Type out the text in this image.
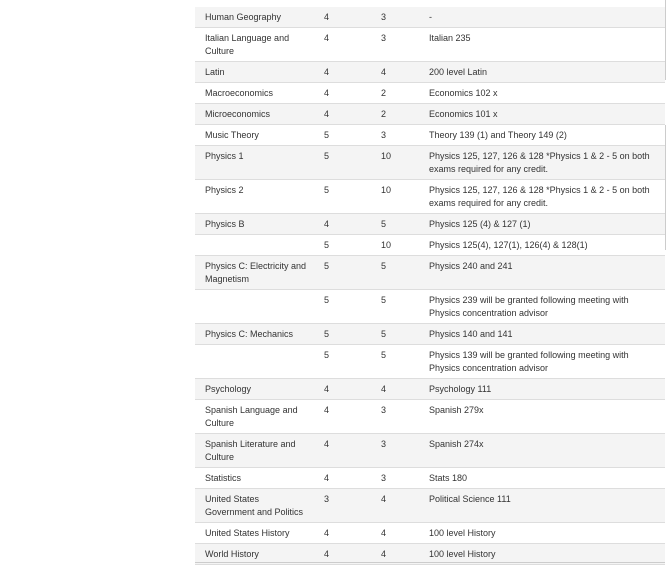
Human Geography	4	3	-
Italian Language and Culture	4	3	Italian 235
Latin	4	4	200 level Latin
Macroeconomics	4	2	Economics 102 x
Microeconomics	4	2	Economics 101 x
Music Theory	5	3	Theory 139 (1) and Theory 149 (2)
Physics 1	5	10	Physics 125, 127, 126 & 128 *Physics 1 & 2 - 5 on both exams required for any credit.
Physics 2	5	10	Physics 125, 127, 126 & 128 *Physics 1 & 2 - 5 on both exams required for any credit.
Physics B	4	5	Physics 125 (4) & 127 (1)
	5	10	Physics 125(4), 127(1), 126(4) & 128(1)
Physics C: Electricity and Magnetism	5	5	Physics 240 and 241
	5	5	Physics 239 will be granted following meeting with Physics concentration advisor
Physics C: Mechanics	5	5	Physics 140 and 141
	5	5	Physics 139 will be granted following meeting with Physics concentration advisor
Psychology	4	4	Psychology 111
Spanish Language and Culture	4	3	Spanish 279x
Spanish Literature and Culture	4	3	Spanish 274x
Statistics	4	3	Stats 180
United States Government and Politics	3	4	Political Science 111
United States History	4	4	100 level History
World History	4	4	100 level History
